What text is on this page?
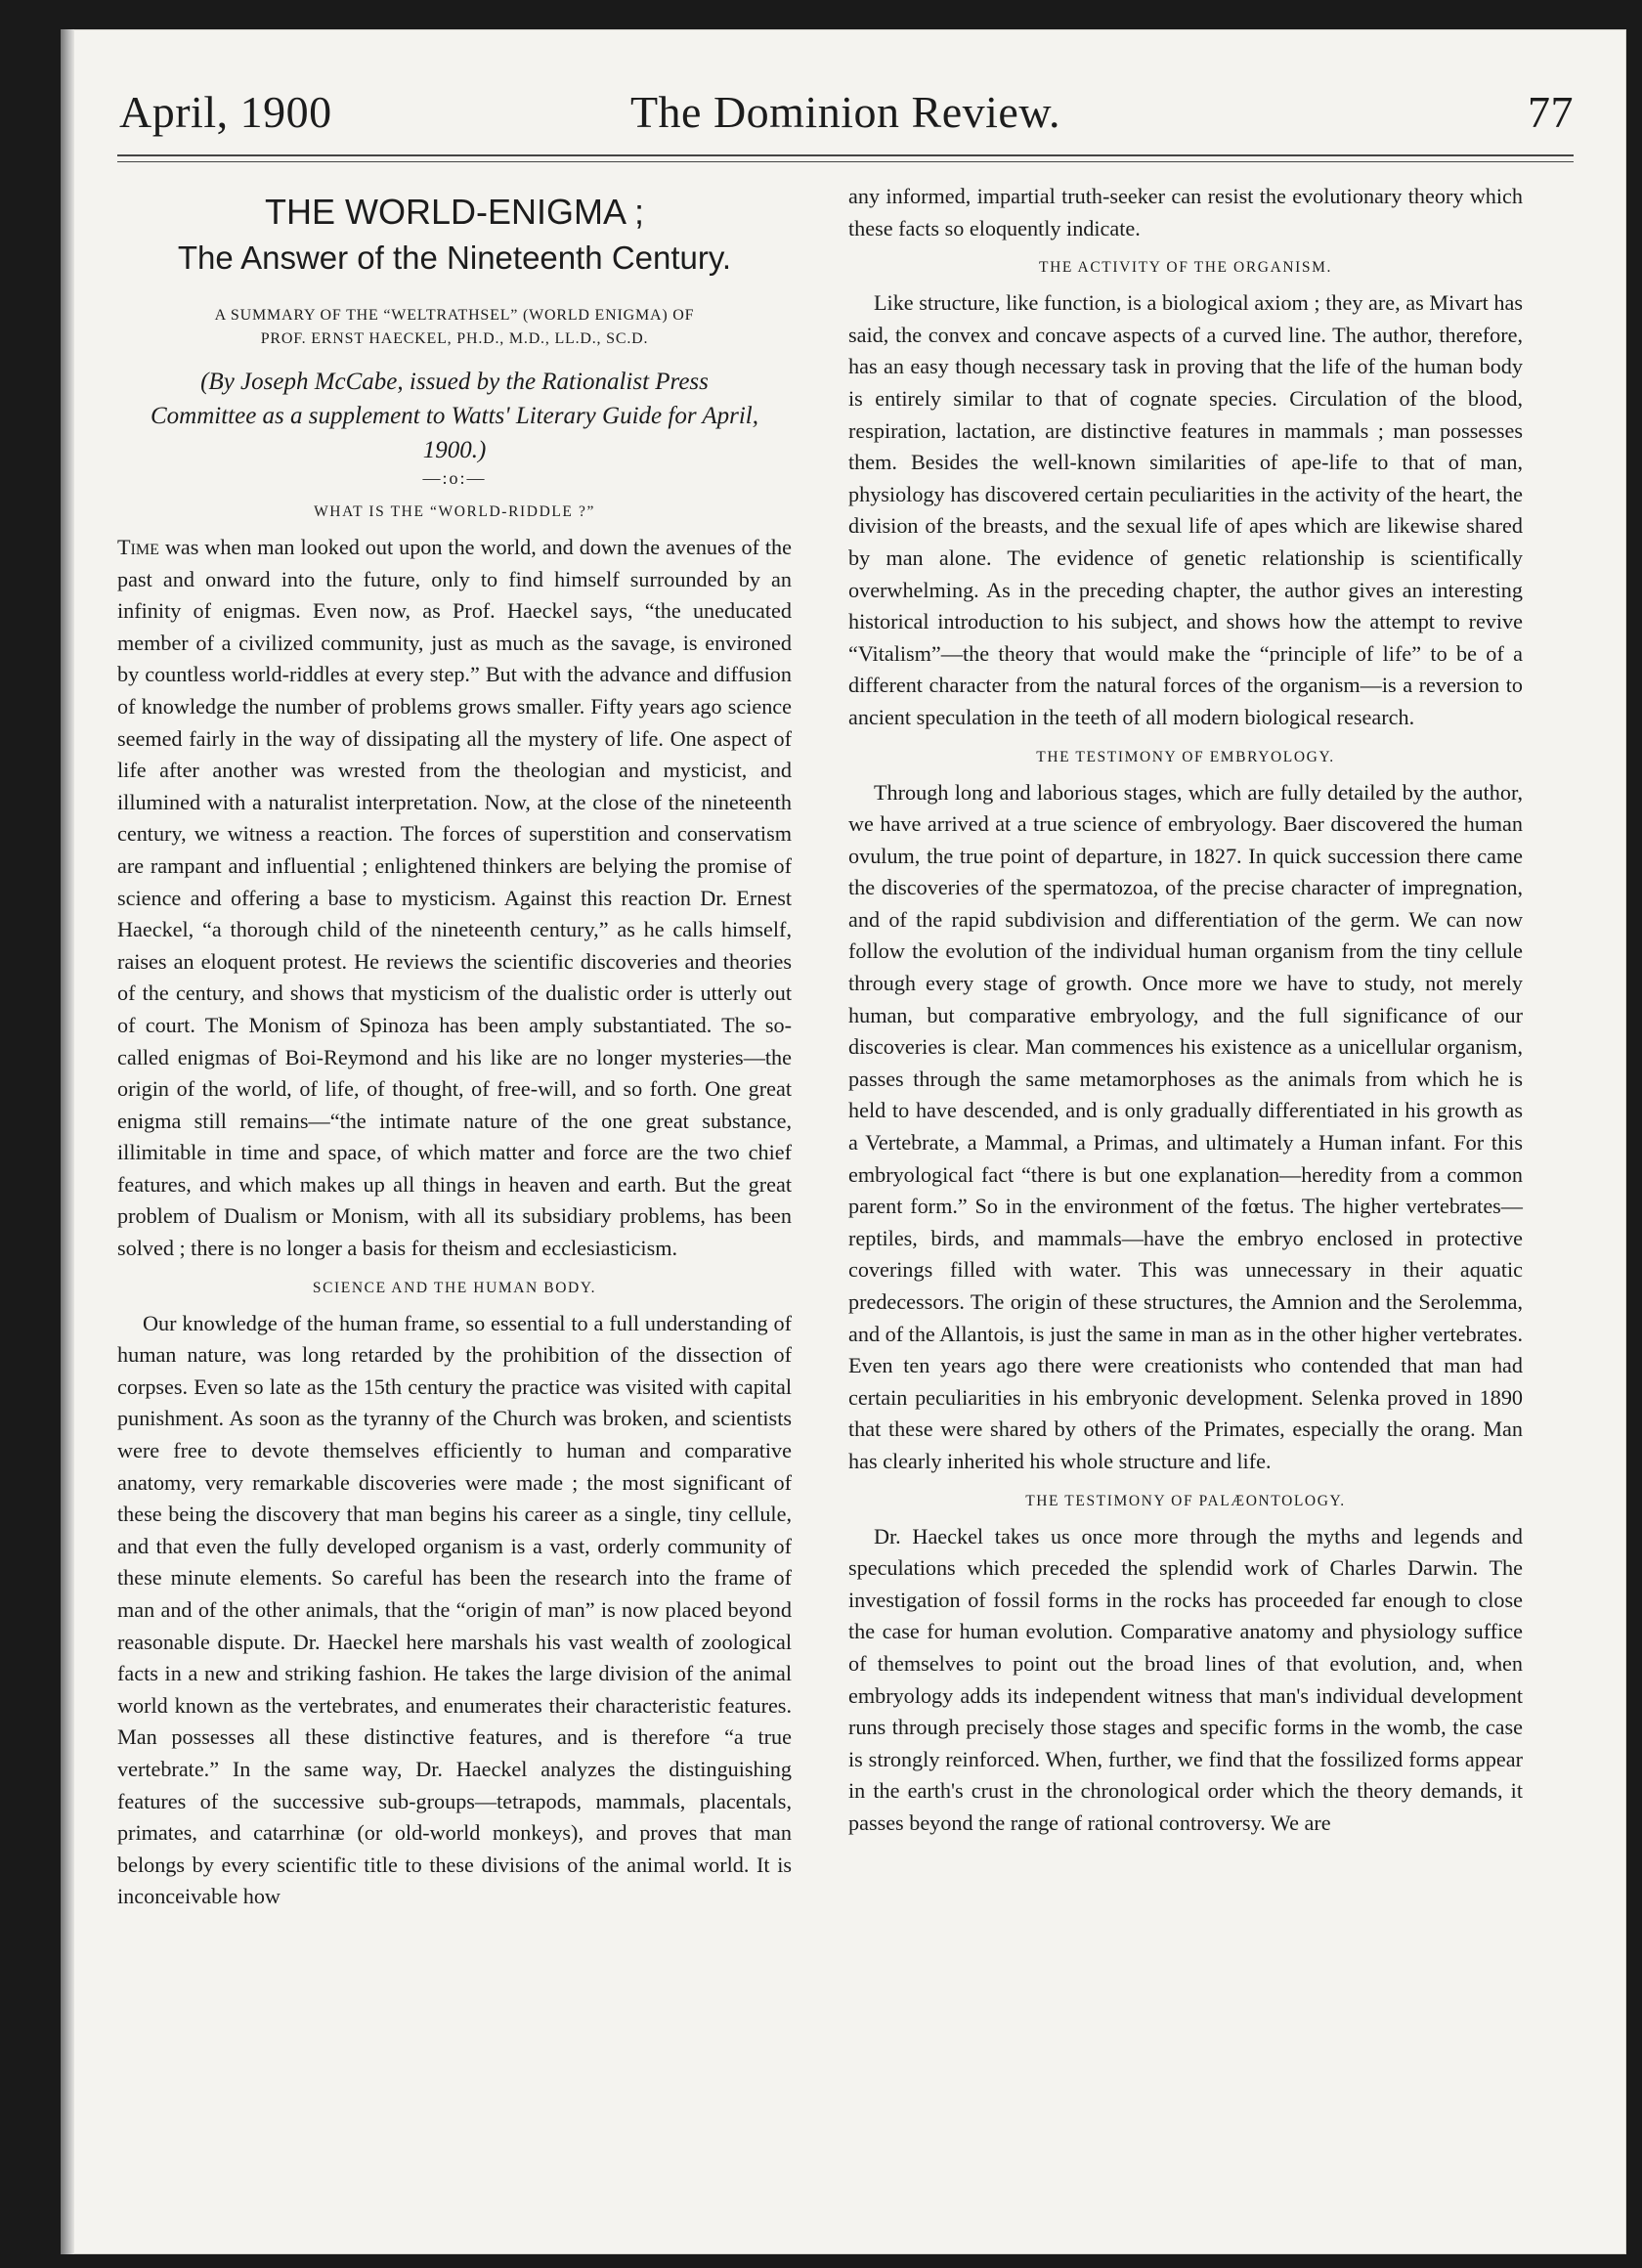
April, 1900	The Dominion Review.	77
THE WORLD-ENIGMA ;
The Answer of the Nineteenth Century.
A SUMMARY OF THE “WELTRATHSEL” (WORLD ENIGMA) OF
PROF. ERNST HAECKEL, PH.D., M.D., LL.D., SC.D.
(By Joseph McCabe, issued by the Rationalist Press Committee as a supplement to Watts' Literary Guide for April, 1900.)
—:o:—
WHAT IS THE “WORLD-RIDDLE ?”

Time was when man looked out upon the world, and down the avenues of the past and onward into the future, only to find himself surrounded by an infinity of enigmas. Even now, as Prof. Haeckel says, “the uneducated member of a civilized community, just as much as the savage, is environed by countless world-riddles at every step.” But with the advance and diffusion of knowledge the number of problems grows smaller. Fifty years ago science seemed fairly in the way of dissipating all the mystery of life. One aspect of life after another was wrested from the theologian and mysticist, and illumined with a naturalist interpretation. Now, at the close of the nineteenth century, we witness a reaction. The forces of superstition and conservatism are rampant and influential ; enlightened thinkers are belying the promise of science and offering a base to mysticism. Against this reaction Dr. Ernest Haeckel, “a thorough child of the nineteenth century,” as he calls himself, raises an eloquent protest. He reviews the scientific discoveries and theories of the century, and shows that mysticism of the dualistic order is utterly out of court. The Monism of Spinoza has been amply substantiated. The so-called enigmas of Boi-Reymond and his like are no longer mysteries—the origin of the world, of life, of thought, of free-will, and so forth. One great enigma still remains—“the intimate nature of the one great substance, illimitable in time and space, of which matter and force are the two chief features, and which makes up all things in heaven and earth. But the great problem of Dualism or Monism, with all its subsidiary problems, has been solved ; there is no longer a basis for theism and ecclesiasticism.

SCIENCE AND THE HUMAN BODY.

Our knowledge of the human frame, so essential to a full understanding of human nature, was long retarded by the prohibition of the dissection of corpses. Even so late as the 15th century the practice was visited with capital punishment. As soon as the tyranny of the Church was broken, and scientists were free to devote themselves efficiently to human and comparative anatomy, very remarkable discoveries were made ; the most significant of these being the discovery that man begins his career as a single, tiny cellule, and that even the fully developed organism is a vast, orderly community of these minute elements. So careful has been the research into the frame of man and of the other animals, that the “origin of man” is now placed beyond reasonable dispute. Dr. Haeckel here marshals his vast wealth of zoological facts in a new and striking fashion. He takes the large division of the animal world known as the vertebrates, and enumerates their characteristic features. Man possesses all these distinctive features, and is therefore “a true vertebrate.” In the same way, Dr. Haeckel analyzes the distinguishing features of the successive sub-groups—tetrapods, mammals, placentals, primates, and catarrhinæ (or old-world monkeys), and proves that man belongs by every scientific title to these divisions of the animal world. It is inconceivable how

any informed, impartial truth-seeker can resist the evolutionary theory which these facts so eloquently indicate.

THE ACTIVITY OF THE ORGANISM.

Like structure, like function, is a biological axiom ; they are, as Mivart has said, the convex and concave aspects of a curved line. The author, therefore, has an easy though necessary task in proving that the life of the human body is entirely similar to that of cognate species. Circulation of the blood, respiration, lactation, are distinctive features in mammals ; man possesses them. Besides the well-known similarities of ape-life to that of man, physiology has discovered certain peculiarities in the activity of the heart, the division of the breasts, and the sexual life of apes which are likewise shared by man alone. The evidence of genetic relationship is scientifically overwhelming. As in the preceding chapter, the author gives an interesting historical introduction to his subject, and shows how the attempt to revive “Vitalism”—the theory that would make the “principle of life” to be of a different character from the natural forces of the organism—is a reversion to ancient speculation in the teeth of all modern biological research.

THE TESTIMONY OF EMBRYOLOGY.

Through long and laborious stages, which are fully detailed by the author, we have arrived at a true science of embryology. Baer discovered the human ovulum, the true point of departure, in 1827. In quick succession there came the discoveries of the spermatozoa, of the precise character of impregnation, and of the rapid subdivision and differentiation of the germ. We can now follow the evolution of the individual human organism from the tiny cellule through every stage of growth. Once more we have to study, not merely human, but comparative embryology, and the full significance of our discoveries is clear. Man commences his existence as a unicellular organism, passes through the same metamorphoses as the animals from which he is held to have descended, and is only gradually differentiated in his growth as a Vertebrate, a Mammal, a Primas, and ultimately a Human infant. For this embryological fact “there is but one explanation—heredity from a common parent form.” So in the environment of the fœtus. The higher vertebrates—reptiles, birds, and mammals—have the embryo enclosed in protective coverings filled with water. This was unnecessary in their aquatic predecessors. The origin of these structures, the Amnion and the Serolemma, and of the Allantois, is just the same in man as in the other higher vertebrates. Even ten years ago there were creationists who contended that man had certain peculiarities in his embryonic development. Selenka proved in 1890 that these were shared by others of the Primates, especially the orang. Man has clearly inherited his whole structure and life.

THE TESTIMONY OF PALÆONTOLOGY.

Dr. Haeckel takes us once more through the myths and legends and speculations which preceded the splendid work of Charles Darwin. The investigation of fossil forms in the rocks has proceeded far enough to close the case for human evolution. Comparative anatomy and physiology suffice of themselves to point out the broad lines of that evolution, and, when embryology adds its independent witness that man's individual development runs through precisely those stages and specific forms in the womb, the case is strongly reinforced. When, further, we find that the fossilized forms appear in the earth's crust in the chronological order which the theory demands, it passes beyond the range of rational controversy. We are
